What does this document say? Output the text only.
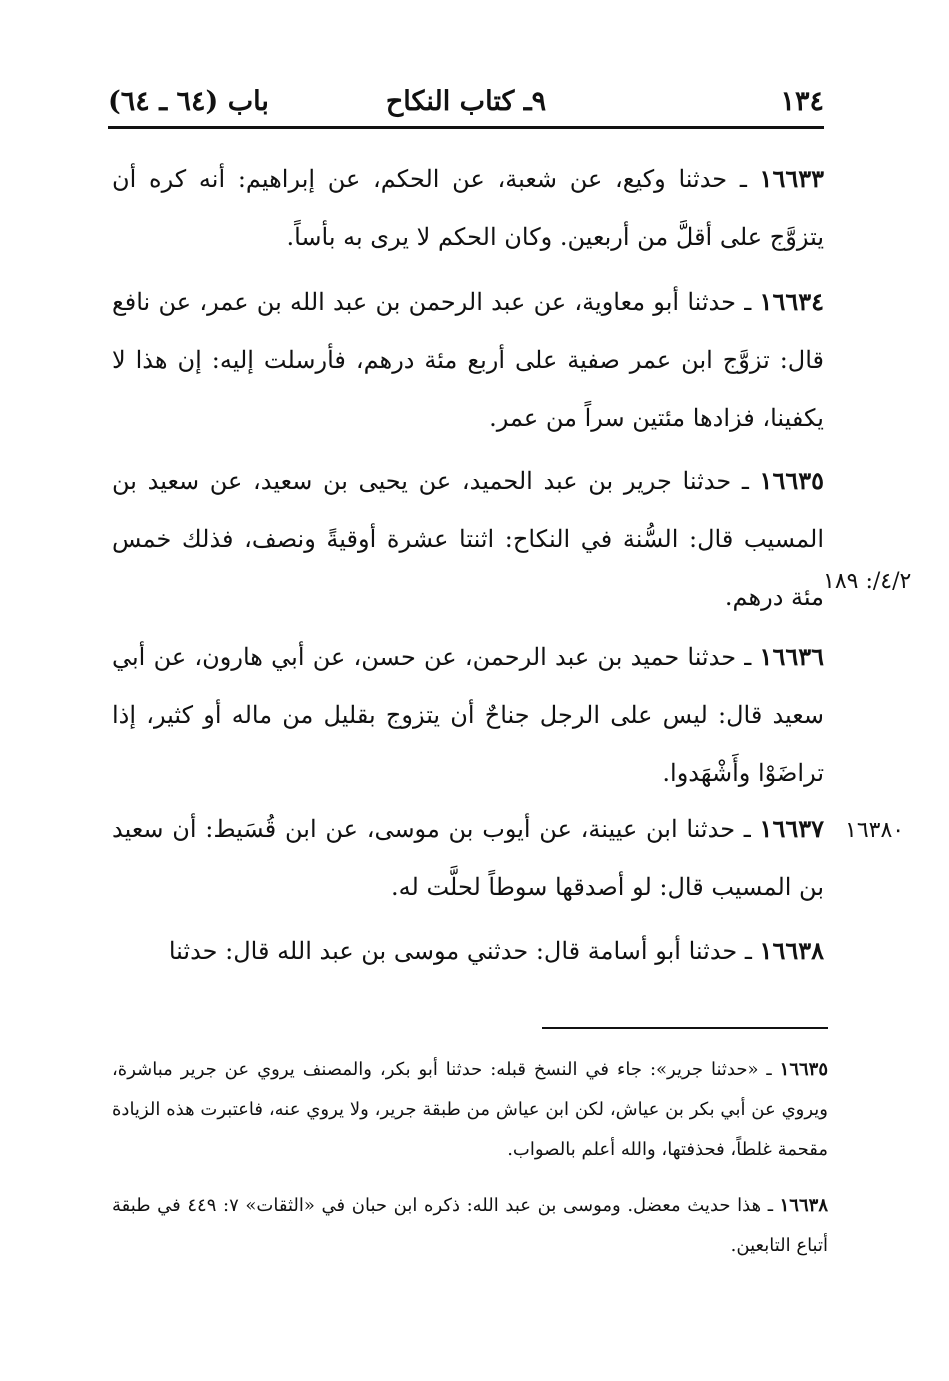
١٣٤
٩ـ كتاب النكاح
باب (٦٤ ـ ٦٤)
١٦٦٣٣ ـ حدثنا وكيع، عن شعبة، عن الحكم، عن إبراهيم: أنه كره أن يتزوَّج على أقلَّ من أربعين. وكان الحكم لا يرى به بأساً.
١٦٦٣٤ ـ حدثنا أبو معاوية، عن عبد الرحمن بن عبد الله بن عمر، عن نافع قال: تزوَّج ابن عمر صفية على أربع مئة درهم، فأرسلت إليه: إن هذا لا يكفينا، فزادها مئتين سراً من عمر.
١٦٦٣٥ ـ حدثنا جرير بن عبد الحميد، عن يحيى بن سعيد، عن سعيد بن المسيب قال: السُّنة في النكاح: اثنتا عشرة أوقيةً ونصف، فذلك خمس مئة درهم.
٤/٢/: ١٨٩
١٦٦٣٦ ـ حدثنا حميد بن عبد الرحمن، عن حسن، عن أبي هارون، عن أبي سعيد قال: ليس على الرجل جناحٌ أن يتزوج بقليل من ماله أو كثير، إذا تراضَوْا وأَشْهَدوا.
١٦٦٣٧ ـ حدثنا ابن عيينة، عن أيوب بن موسى، عن ابن قُسَيط: أن سعيد بن المسيب قال: لو أصدقها سوطاً لحلَّت له.
١٦٣٨٠
١٦٦٣٨ ـ حدثنا أبو أسامة قال: حدثني موسى بن عبد الله قال: حدثنا
١٦٦٣٥ ـ «حدثنا جرير»: جاء في النسخ قبله: حدثنا أبو بكر، والمصنف يروي عن جرير مباشرة، ويروي عن أبي بكر بن عياش، لكن ابن عياش من طبقة جرير، ولا يروي عنه، فاعتبرت هذه الزيادة مقحمة غلطاً، فحذفتها، والله أعلم بالصواب.
١٦٦٣٨ ـ هذا حديث معضل. وموسى بن عبد الله: ذكره ابن حبان في «الثقات» ٧: ٤٤٩ في طبقة أتباع التابعين.
